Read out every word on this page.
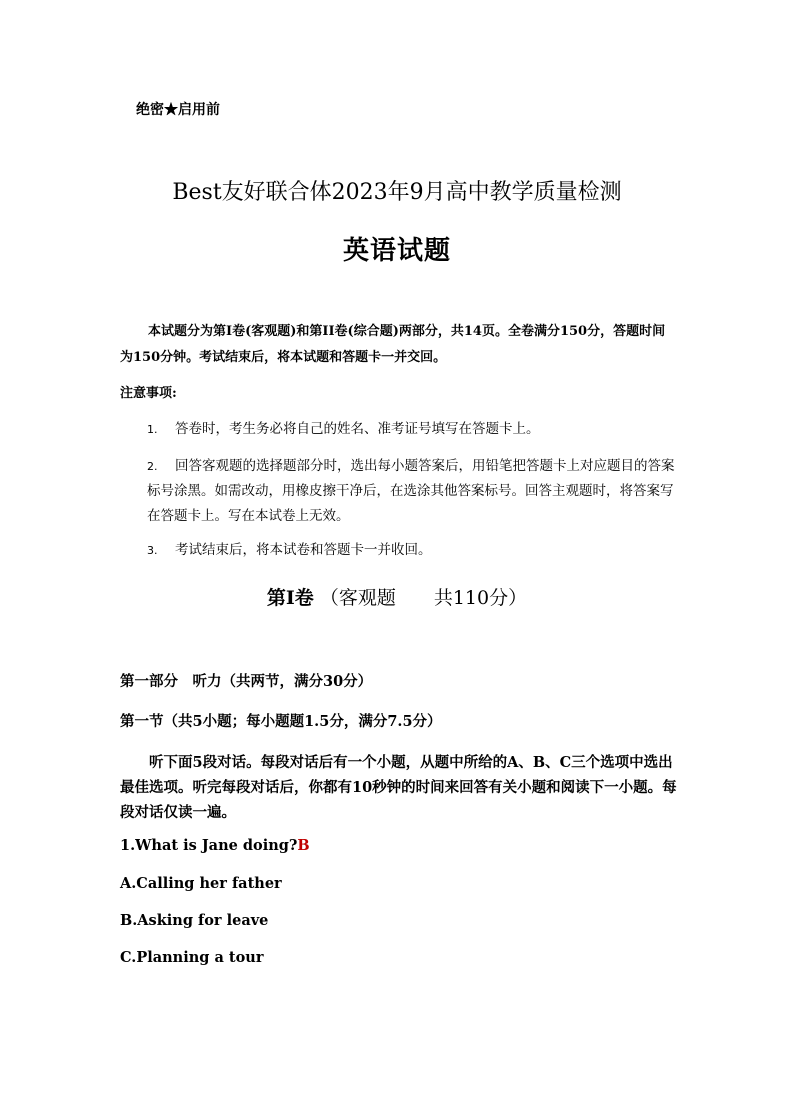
绝密★启用前
Best友好联合体2023年9月高中教学质量检测
英语试题
本试题分为第I卷(客观题)和第II卷(综合题)两部分，共14页。全卷满分150分，答题时间为150分钟。考试结束后，将本试题和答题卡一并交回。
注意事项:
1. 答卷时，考生务必将自己的姓名、准考证号填写在答题卡上。
2. 回答客观题的选择题部分时，选出每小题答案后，用铅笔把答题卡上对应题目的答案标号涂黑。如需改动，用橡皮擦干净后，在选涂其他答案标号。回答主观题时，将答案写在答题卡上。写在本试卷上无效。
3. 考试结束后，将本试卷和答题卡一并收回。
第I卷 （客观题　　共110分）
第一部分　听力（共两节，满分30分）
第一节（共5小题；每小题题1.5分，满分7.5分）
听下面5段对话。每段对话后有一个小题，从题中所给的A、B、C三个选项中选出最佳选项。听完每段对话后，你都有10秒钟的时间来回答有关小题和阅读下一小题。每段对话仅读一遍。
1.What is Jane doing?B
A.Calling her father
B.Asking for leave
C.Planning a tour
